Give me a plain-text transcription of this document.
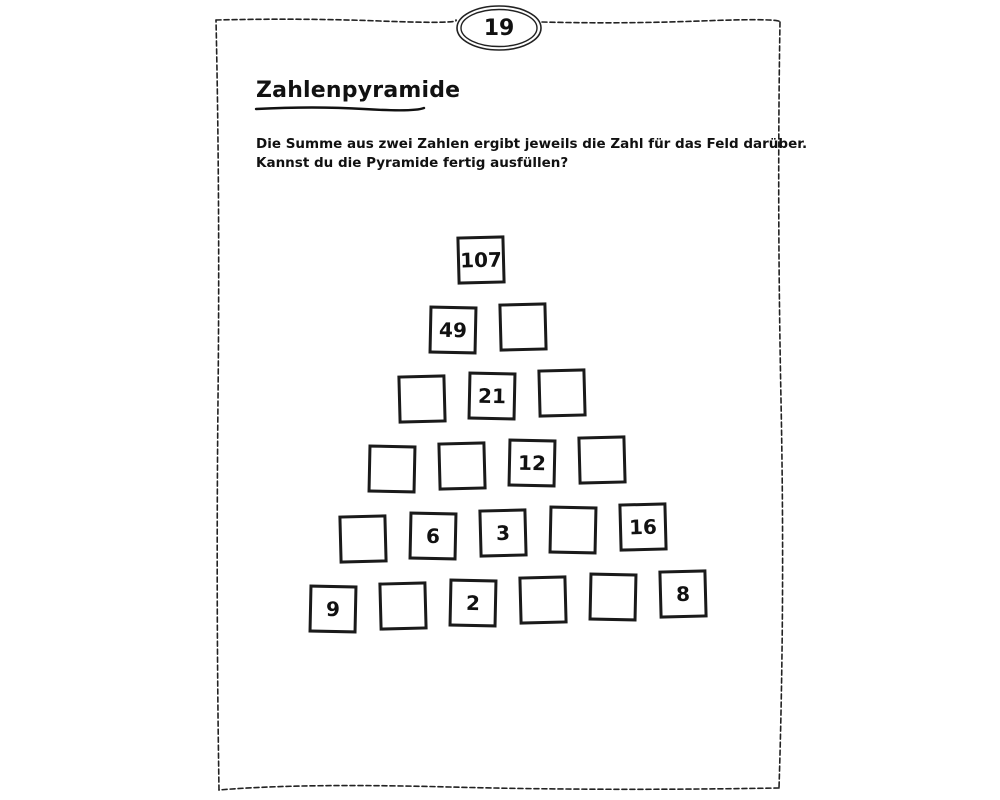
19
Zahlenpyramide
Die Summe aus zwei Zahlen ergibt jeweils die Zahl für das Feld darüber.
Kannst du die Pyramide fertig ausfüllen?
107
49
21
12
6	3	16
9	2	8
